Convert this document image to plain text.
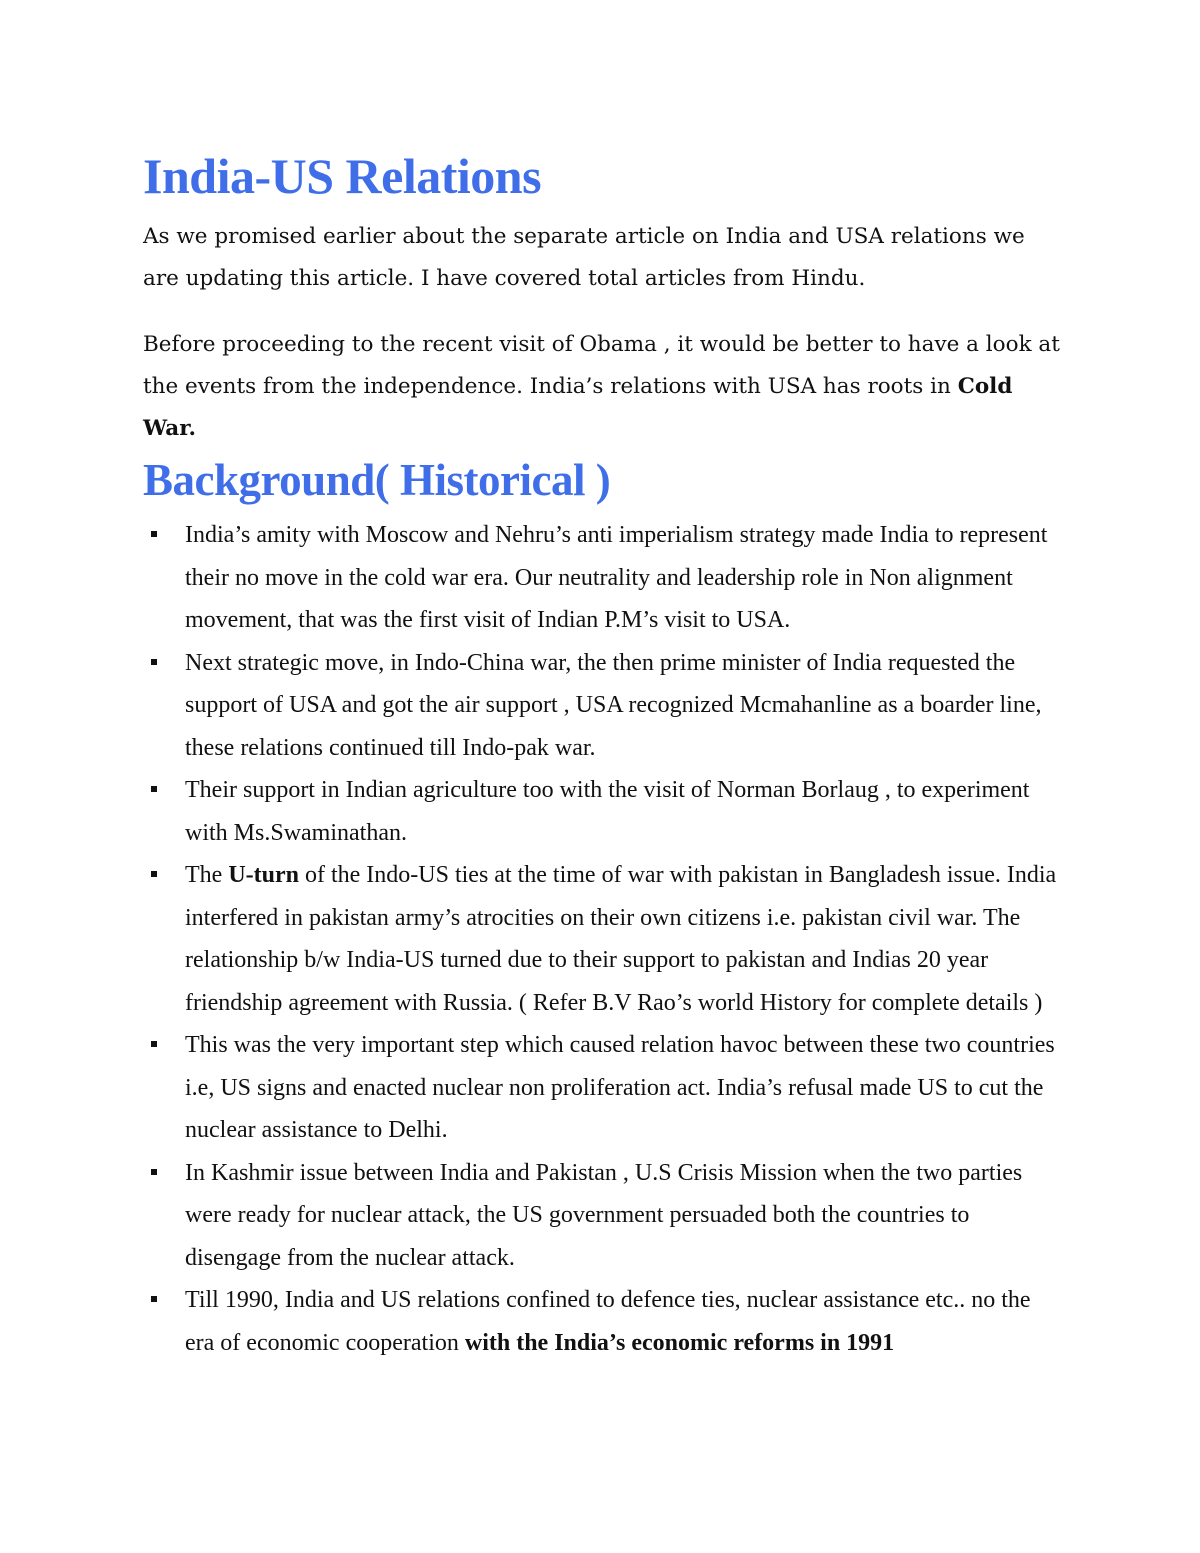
India-US Relations

As we promised earlier about the separate article on India and USA relations we are updating this article. I have covered total articles from Hindu.

Before proceeding to the recent visit of Obama , it would be better to have a look at the events from the independence. India’s relations with USA has roots in Cold War.

Background( Historical )
India’s amity with Moscow and Nehru’s anti imperialism strategy made India to represent their no move in the cold war era. Our neutrality and leadership role in Non alignment movement, that was the first visit of Indian P.M’s visit to USA.
Next strategic move, in Indo-China war, the then prime minister of India requested the support of USA and got the air support , USA recognized Mcmahanline as a boarder line, these relations continued till Indo-pak war.
Their support in Indian agriculture too with the visit of Norman Borlaug , to experiment with Ms.Swaminathan.
The U-turn of the Indo-US ties at the time of war with pakistan in Bangladesh issue. India interfered in pakistan army’s atrocities on their own citizens i.e. pakistan civil war. The relationship b/w India-US turned due to their support to pakistan and Indias 20 year friendship agreement with Russia. ( Refer B.V Rao’s world History for complete details )
This was the very important step which caused relation havoc between these two countries i.e, US signs and enacted nuclear non proliferation act. India’s refusal made US to cut the nuclear assistance to Delhi.
In Kashmir issue between India and Pakistan , U.S Crisis Mission when the two parties were ready for nuclear attack, the US government persuaded both the countries to disengage from the nuclear attack.
Till 1990, India and US relations confined to defence ties, nuclear assistance etc.. no the era of economic cooperation with the India’s economic reforms in 1991
